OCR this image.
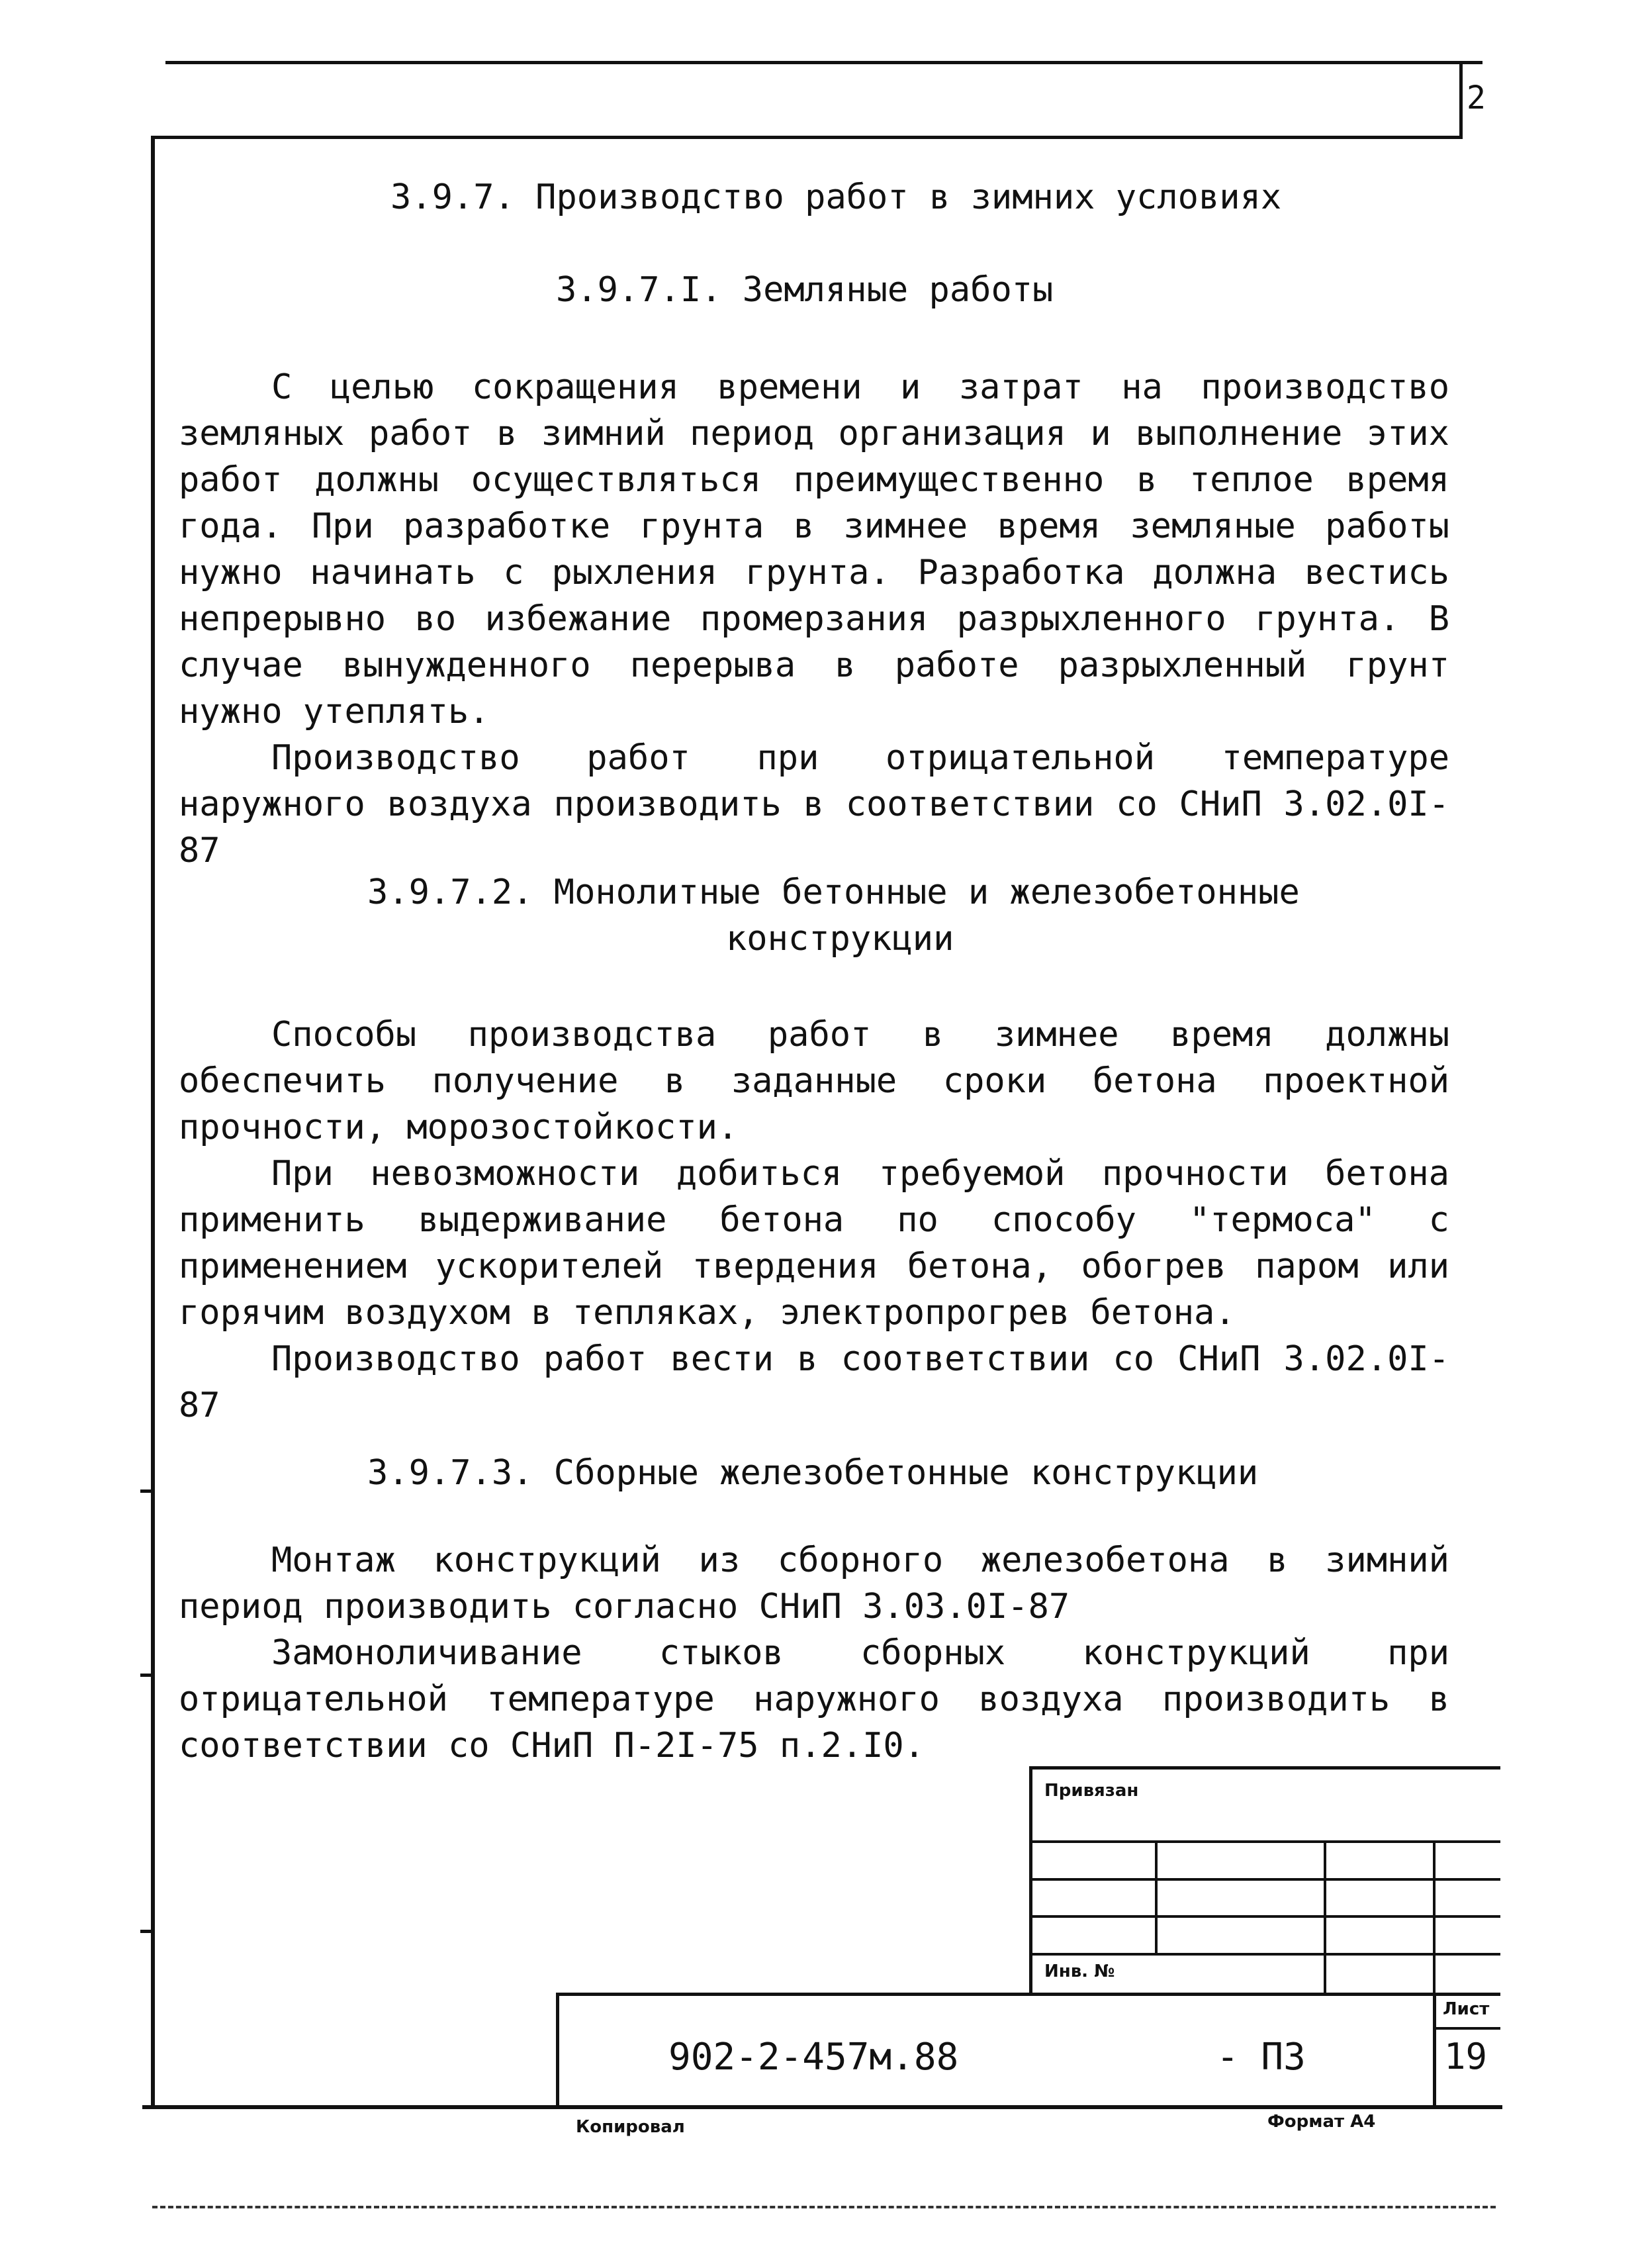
2
3.9.7. Производство работ в зимних условиях
3.9.7.I. Земляные работы

С целью сокращения времени и затрат на производство земляных работ в зимний период организация и выполнение этих работ должны осуществляться преимущественно в теплое время года. При разработке грунта в зимнее время земляные работы нужно начинать с рыхления грунта. Разработка должна вестись непрерывно во избежание промерзания разрыхленного грунта. В случае вынужденного перерыва в работе разрыхленный грунт нужно утеплять.

Производство работ при отрицательной температуре наружного воздуха производить в соответствии со СНиП 3.02.0I-87

3.9.7.2. Монолитные бетонные и железобетонные
конструкции

Способы производства работ в зимнее время должны обеспечить получение в заданные сроки бетона проектной прочности, морозостойкости.

При невозможности добиться требуемой прочности бетона применить выдерживание бетона по способу "термоса" с применением ускорителей твердения бетона, обогрев паром или горячим воздухом в тепляках, электропрогрев бетона.

Производство работ вести в соответствии со СНиП 3.02.0I-87

3.9.7.3. Сборные железобетонные конструкции

Монтаж конструкций из сборного железобетона в зимний период производить согласно СНиП 3.03.0I-87

Замоноличивание стыков сборных конструкций при отрицательной температуре наружного воздуха производить в соответствии со СНиП П-2I-75 п.2.I0.

Привязан
Инв. №
Лист
902-2-457м.88	- ПЗ	19
Копировал	Формат А4
